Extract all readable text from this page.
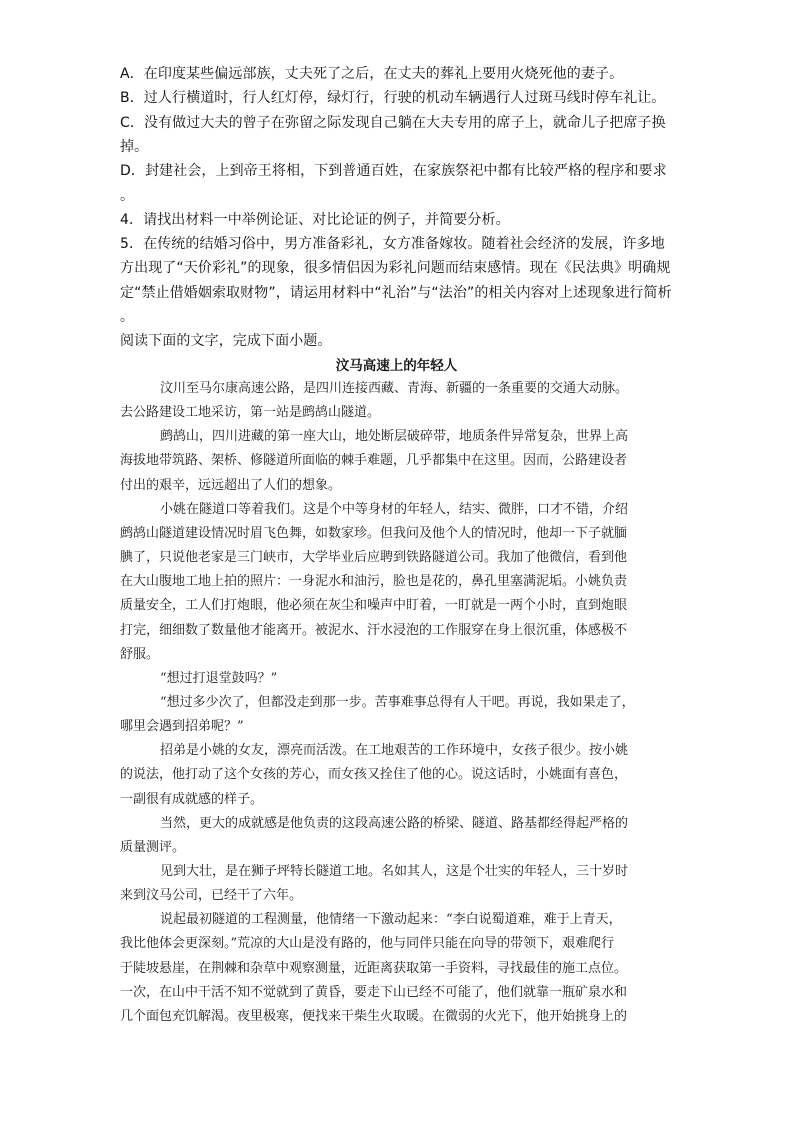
A．在印度某些偏远部族，丈夫死了之后，在丈夫的葬礼上要用火烧死他的妻子。
B．过人行横道时，行人红灯停，绿灯行，行驶的机动车辆遇行人过斑马线时停车礼让。
C．没有做过大夫的曾子在弥留之际发现自己躺在大夫专用的席子上，就命儿子把席子换
掉。
D．封建社会，上到帝王将相，下到普通百姓，在家族祭祀中都有比较严格的程序和要求
。
4．请找出材料一中举例论证、对比论证的例子，并简要分析。
5．在传统的结婚习俗中，男方准备彩礼，女方准备嫁妆。随着社会经济的发展，许多地
方出现了“天价彩礼”的现象，很多情侣因为彩礼问题而结束感情。现在《民法典》明确规
定“禁止借婚姻索取财物”，请运用材料中“礼治”与“法治”的相关内容对上述现象进行简析
。
阅读下面的文字，完成下面小题。
汶马高速上的年轻人
汶川至马尔康高速公路，是四川连接西藏、青海、新疆的一条重要的交通大动脉。
去公路建设工地采访，第一站是鹧鸪山隧道。
鹧鸪山，四川进藏的第一座大山，地处断层破碎带，地质条件异常复杂，世界上高
海拔地带筑路、架桥、修隧道所面临的棘手难题，几乎都集中在这里。因而，公路建设者
付出的艰辛，远远超出了人们的想象。
小姚在隧道口等着我们。这是个中等身材的年轻人，结实、微胖，口才不错，介绍
鹧鸪山隧道建设情况时眉飞色舞，如数家珍。但我问及他个人的情况时，他却一下子就腼
腆了，只说他老家是三门峡市，大学毕业后应聘到铁路隧道公司。我加了他微信，看到他
在大山腹地工地上拍的照片：一身泥水和油污，脸也是花的，鼻孔里塞满泥垢。小姚负责
质量安全，工人们打炮眼，他必须在灰尘和噪声中盯着，一盯就是一两个小时，直到炮眼
打完，细细数了数量他才能离开。被泥水、汗水浸泡的工作服穿在身上很沉重，体感极不
舒服。
“想过打退堂鼓吗？”
“想过多少次了，但都没走到那一步。苦事难事总得有人干吧。再说，我如果走了，
哪里会遇到招弟呢？”
招弟是小姚的女友，漂亮而活泼。在工地艰苦的工作环境中，女孩子很少。按小姚
的说法，他打动了这个女孩的芳心，而女孩又拴住了他的心。说这话时，小姚面有喜色，
一副很有成就感的样子。
当然，更大的成就感是他负责的这段高速公路的桥梁、隧道、路基都经得起严格的
质量测评。
见到大壮，是在狮子坪特长隧道工地。名如其人，这是个壮实的年轻人，三十岁时
来到汶马公司，已经干了六年。
说起最初隧道的工程测量，他情绪一下激动起来：“李白说蜀道难，难于上青天，
我比他体会更深刻。”荒凉的大山是没有路的，他与同伴只能在向导的带领下，艰难爬行
于陡坡悬崖，在荆棘和杂草中观察测量，近距离获取第一手资料，寻找最佳的施工点位。
一次，在山中干活不知不觉就到了黄昏，要走下山已经不可能了，他们就靠一瓶矿泉水和
几个面包充饥解渴。夜里极寒，便找来干柴生火取暖。在微弱的火光下，他开始挑身上的
